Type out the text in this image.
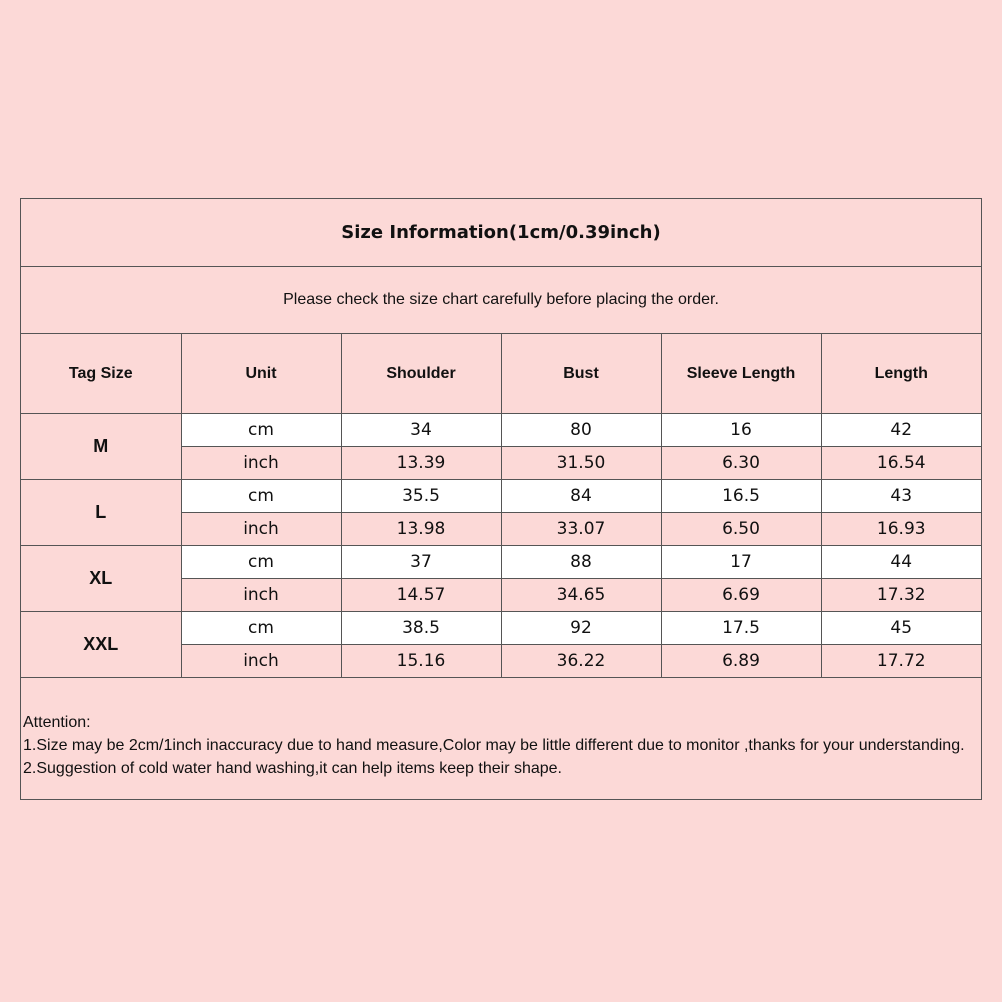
Size Information(1cm/0.39inch)
Please check the size chart carefully before placing the order.
Tag Size	Unit	Shoulder	Bust	Sleeve Length	Length
M	cm	34	80	16	42
	inch	13.39	31.50	6.30	16.54
L	cm	35.5	84	16.5	43
	inch	13.98	33.07	6.50	16.93
XL	cm	37	88	17	44
	inch	14.57	34.65	6.69	17.32
XXL	cm	38.5	92	17.5	45
	inch	15.16	36.22	6.89	17.72
Attention:
1.Size may be 2cm/1inch inaccuracy due to hand measure,Color may be little different due to monitor ,thanks for your understanding.
2.Suggestion of cold water hand washing,it can help items keep their shape.
